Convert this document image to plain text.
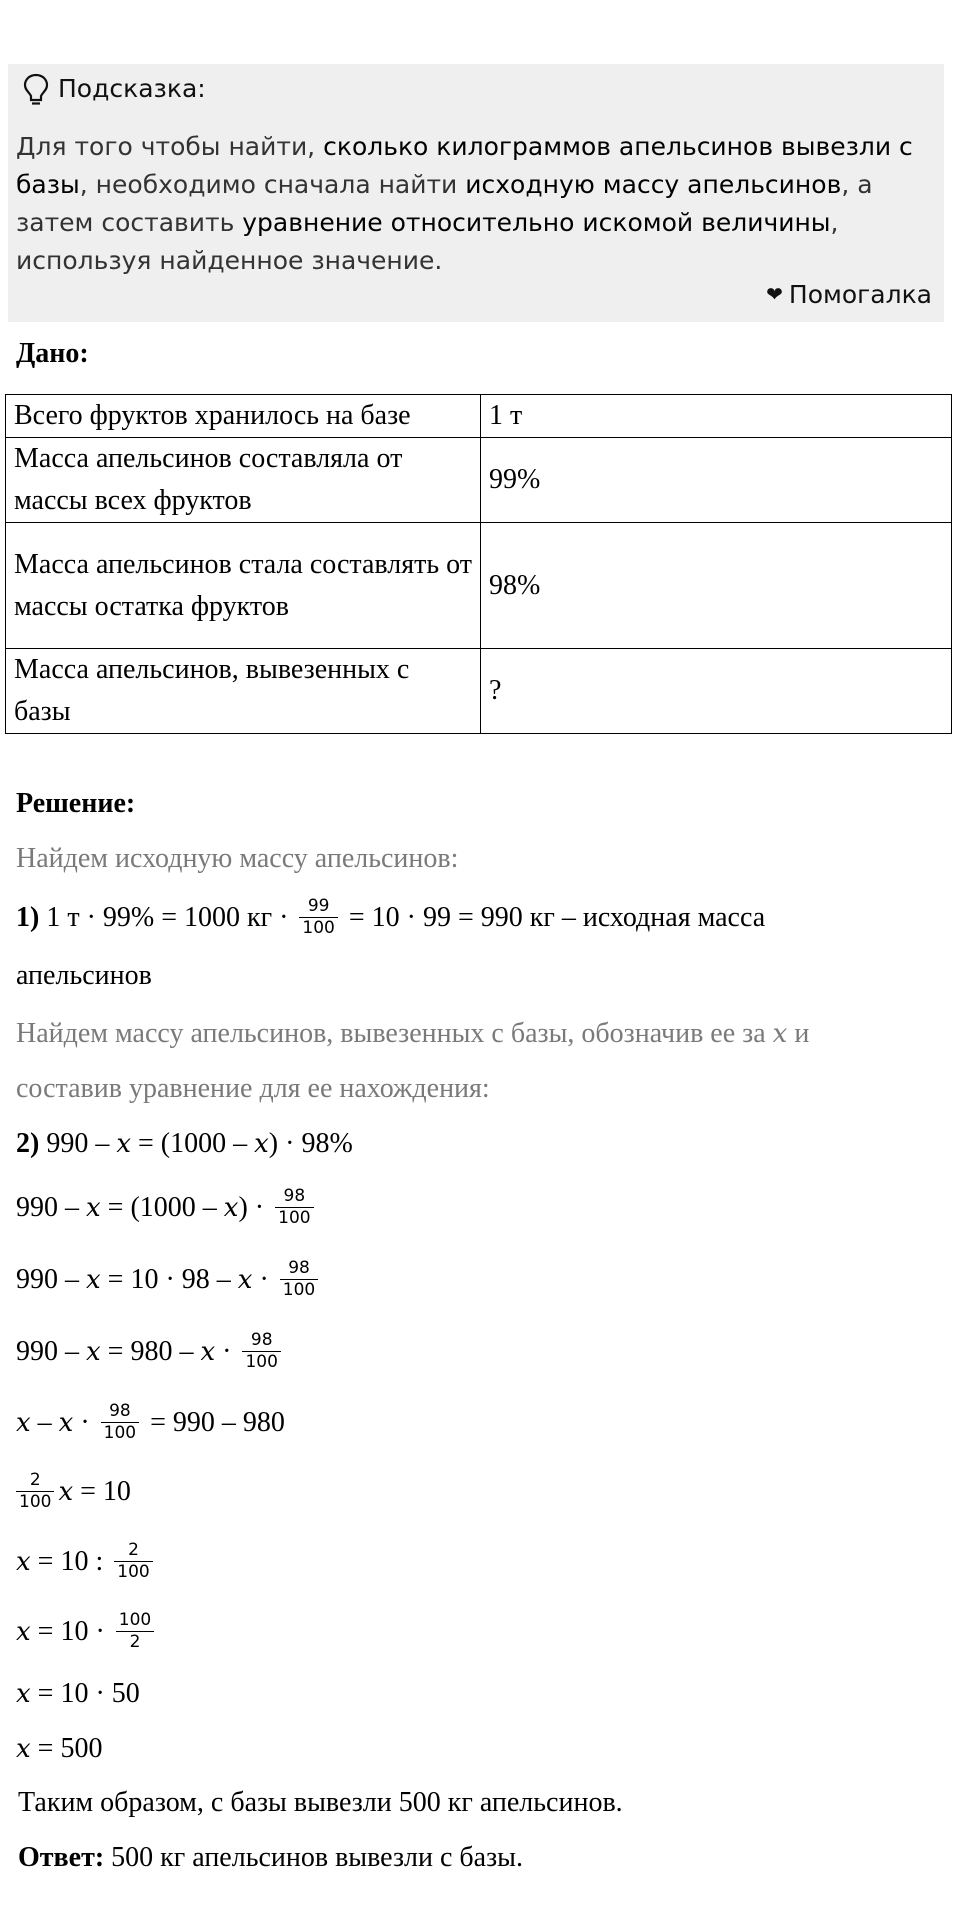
Подсказка:
Для того чтобы найти, сколько килограммов апельсинов вывезли с базы, необходимо сначала найти исходную массу апельсинов, а затем составить уравнение относительно искомой величины, используя найденное значение.
❤ Помогалка
Дано:
Всего фруктов хранилось на базе	1 т
Масса апельсинов составляла от массы всех фруктов	99%
Масса апельсинов стала составлять от массы остатка фруктов	98%
Масса апельсинов, вывезенных с базы	?
Решение:
Найдем исходную массу апельсинов:
1) 1 т · 99% = 1000 кг · $\frac{99}{100} = 10 \cdot 99 = 990$ кг – исходная масса
апельсинов
Найдем массу апельсинов, вывезенных с базы, обозначив ее за x и
составив уравнение для ее нахождения:
2) 990 – x = (1000 – x) · 98%
$990 - x = (1000 - x) \cdot \frac{98}{100}$
$990 - x = 10 \cdot 98 - x \cdot \frac{98}{100}$
$990 - x = 980 - x \cdot \frac{98}{100}$
$x - x \cdot \frac{98}{100} = 990 - 980$
$\frac{2}{100}$ x = 10
x = 10 : $\frac{2}{100}$
$x = 10 \cdot \frac{100}{2}$
x = 10 · 50
x = 500
Таким образом, с базы вывезли 500 кг апельсинов.
Ответ: 500 кг апельсинов вывезли с базы.
